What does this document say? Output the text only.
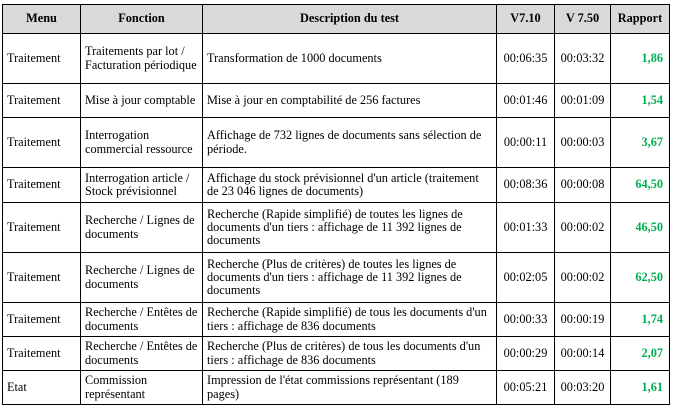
Menu	Fonction	Description du test	V7.10	V 7.50	Rapport
Traitement	Traitements par lot / Facturation périodique	Transformation de 1000 documents	00:06:35	00:03:32	1,86
Traitement	Mise à jour comptable	Mise à jour en comptabilité de 256 factures	00:01:46	00:01:09	1,54
Traitement	Interrogation commercial ressource	Affichage de 732 lignes de documents sans sélection de période.	00:00:11	00:00:03	3,67
Traitement	Interrogation article / Stock prévisionnel	Affichage du stock prévisionnel d'un article (traitement de 23 046 lignes de documents)	00:08:36	00:00:08	64,50
Traitement	Recherche / Lignes de documents	Recherche (Rapide simplifié) de toutes les lignes de documents d'un tiers : affichage de 11 392 lignes de documents	00:01:33	00:00:02	46,50
Traitement	Recherche / Lignes de documents	Recherche (Plus de critères) de toutes les lignes de documents d'un tiers : affichage de 11 392 lignes de documents	00:02:05	00:00:02	62,50
Traitement	Recherche / Entêtes de documents	Recherche (Rapide simplifié) de tous les documents d'un tiers : affichage de 836 documents	00:00:33	00:00:19	1,74
Traitement	Recherche / Entêtes de documents	Recherche (Plus de critères) de tous les documents d'un tiers : affichage de 836 documents	00:00:29	00:00:14	2,07
Etat	Commission représentant	Impression de l'état commissions représentant (189 pages)	00:05:21	00:03:20	1,61
